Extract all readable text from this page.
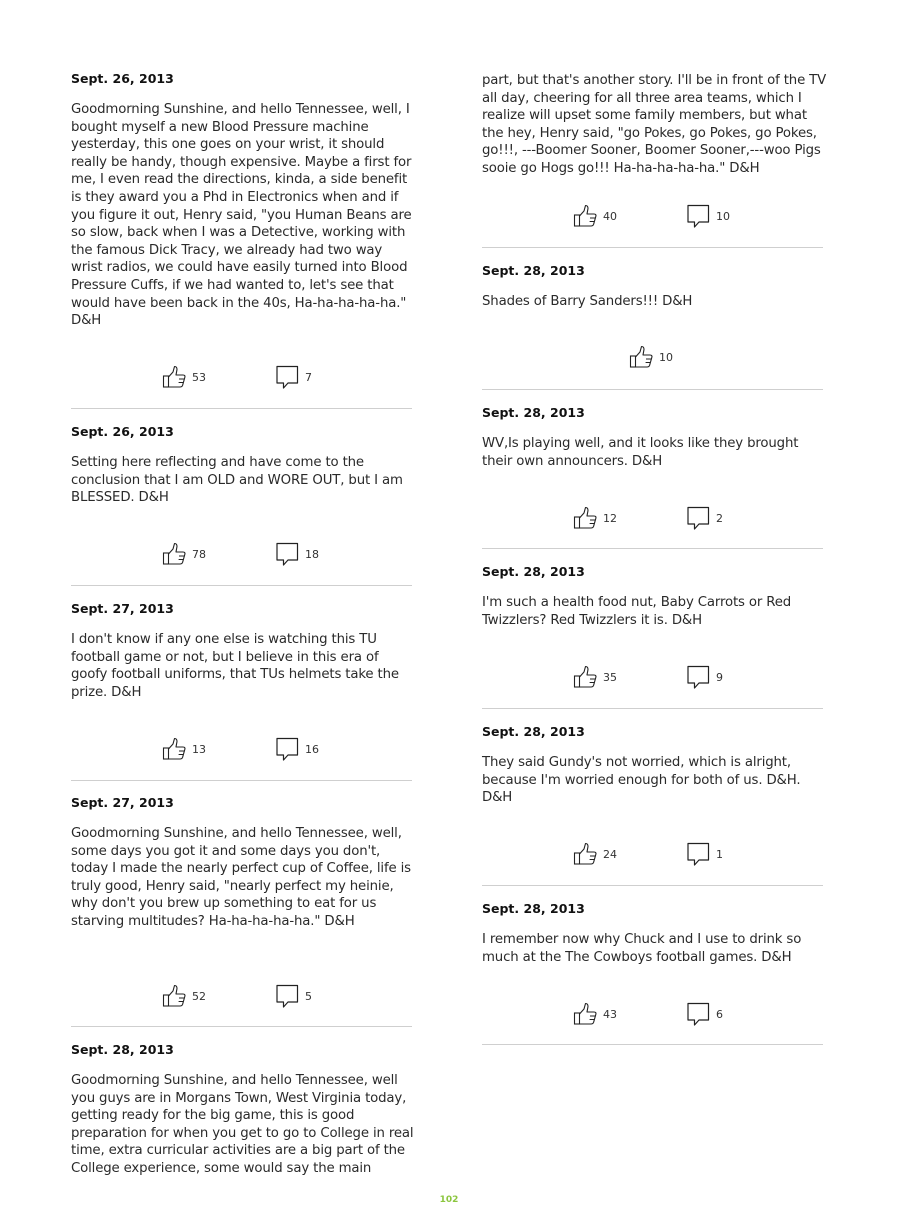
Sept. 26, 2013
Goodmorning Sunshine, and hello Tennessee, well, I bought myself a new Blood Pressure machine yesterday, this one goes on your wrist, it should really be handy, though expensive. Maybe a first for me, I even read the directions, kinda, a side benefit is they award you a Phd in Electronics when and if you figure it out, Henry said, "you Human Beans are so slow, back when I was a Detective, working with the famous Dick Tracy, we already had two way wrist radios, we could have easily turned into Blood Pressure Cuffs, if we had wanted to, let's see that would have been back in the 40s, Ha-ha-ha-ha-ha." D&H
53	7
Sept. 26, 2013
Setting here reflecting and have come to the conclusion that I am OLD and WORE OUT, but I am BLESSED. D&H
78	18
Sept. 27, 2013
I don't know if any one else is watching this TU football game or not, but I believe in this era of goofy football uniforms, that TUs helmets take the prize. D&H
13	16
Sept. 27, 2013
Goodmorning Sunshine, and hello Tennessee, well, some days you got it and some days you don't, today I made the nearly perfect cup of Coffee, life is truly good, Henry said, "nearly perfect my heinie, why don't you brew up something to eat for us starving multitudes? Ha-ha-ha-ha-ha." D&H
52	5
Sept. 28, 2013
Goodmorning Sunshine, and hello Tennessee, well you guys are in Morgans Town, West Virginia today, getting ready for the big game, this is good preparation for when you get to go to College in real time, extra curricular activities are a big part of the College experience, some would say the main
part, but that's another story. I'll be in front of the TV all day, cheering for all three area teams, which I realize will upset some family members, but what the hey, Henry said, "go Pokes, go Pokes, go Pokes, go!!!, ---Boomer Sooner, Boomer Sooner,---woo Pigs sooie go Hogs go!!! Ha-ha-ha-ha-ha." D&H
40	10
Sept. 28, 2013
Shades of Barry Sanders!!! D&H
10
Sept. 28, 2013
WV,Is playing well, and it looks like they brought their own announcers. D&H
12	2
Sept. 28, 2013
I'm such a health food nut, Baby Carrots or Red Twizzlers? Red Twizzlers it is. D&H
35	9
Sept. 28, 2013
They said Gundy's not worried, which is alright, because I'm worried enough for both of us. D&H. D&H
24	1
Sept. 28, 2013
I remember now why Chuck and I use to drink so much at the The Cowboys football games. D&H
43	6
102
